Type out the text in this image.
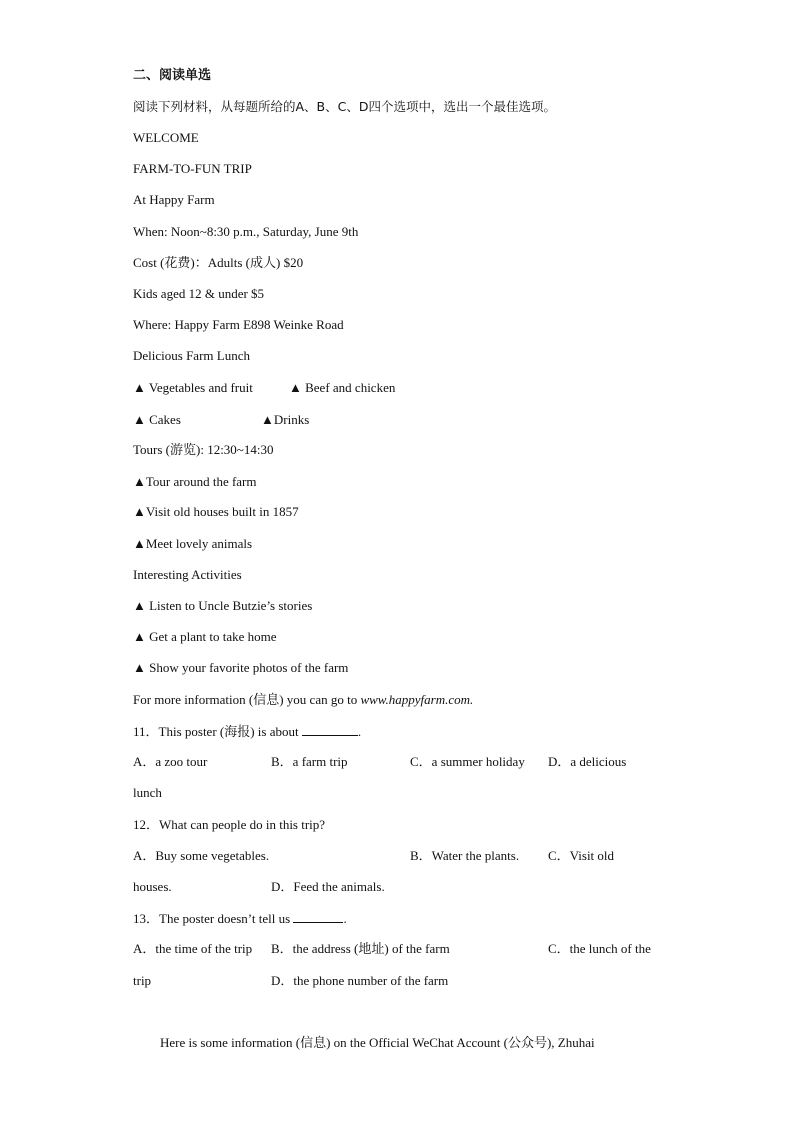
二、阅读单选
阅读下列材料，从每题所给的A、B、C、D四个选项中，选出一个最佳选项。
WELCOME
FARM-TO-FUN TRIP
At Happy Farm
When: Noon~8:30 p.m., Saturday, June 9th
Cost (花费)：Adults (成人) $20
Kids aged 12 & under $5
Where: Happy Farm E898 Weinke Road
Delicious Farm Lunch
▲ Vegetables and fruit	▲ Beef and chicken
▲ Cakes	▲Drinks
Tours (游览): 12:30~14:30
▲Tour around the farm
▲Visit old houses built in 1857
▲Meet lovely animals
Interesting Activities
▲ Listen to Uncle Butzie’s stories
▲ Get a plant to take home
▲ Show your favorite photos of the farm
For more information (信息) you can go to www.happyfarm.com.
11．This poster (海报) is about	.
A．a zoo tour	B．a farm trip	C．a summer holiday D．a delicious
lunch
12．What can people do in this trip?
A．Buy some vegetables.	B．Water the plants. C．Visit old
houses.	D．Feed the animals.
13．The poster doesn’t tell us	.
A．the time of the trip B．the address (地址) of the farm	C．the lunch of the
trip	D．the phone number of the farm
Here is some information (信息) on the Official WeChat Account (公众号), Zhuhai
